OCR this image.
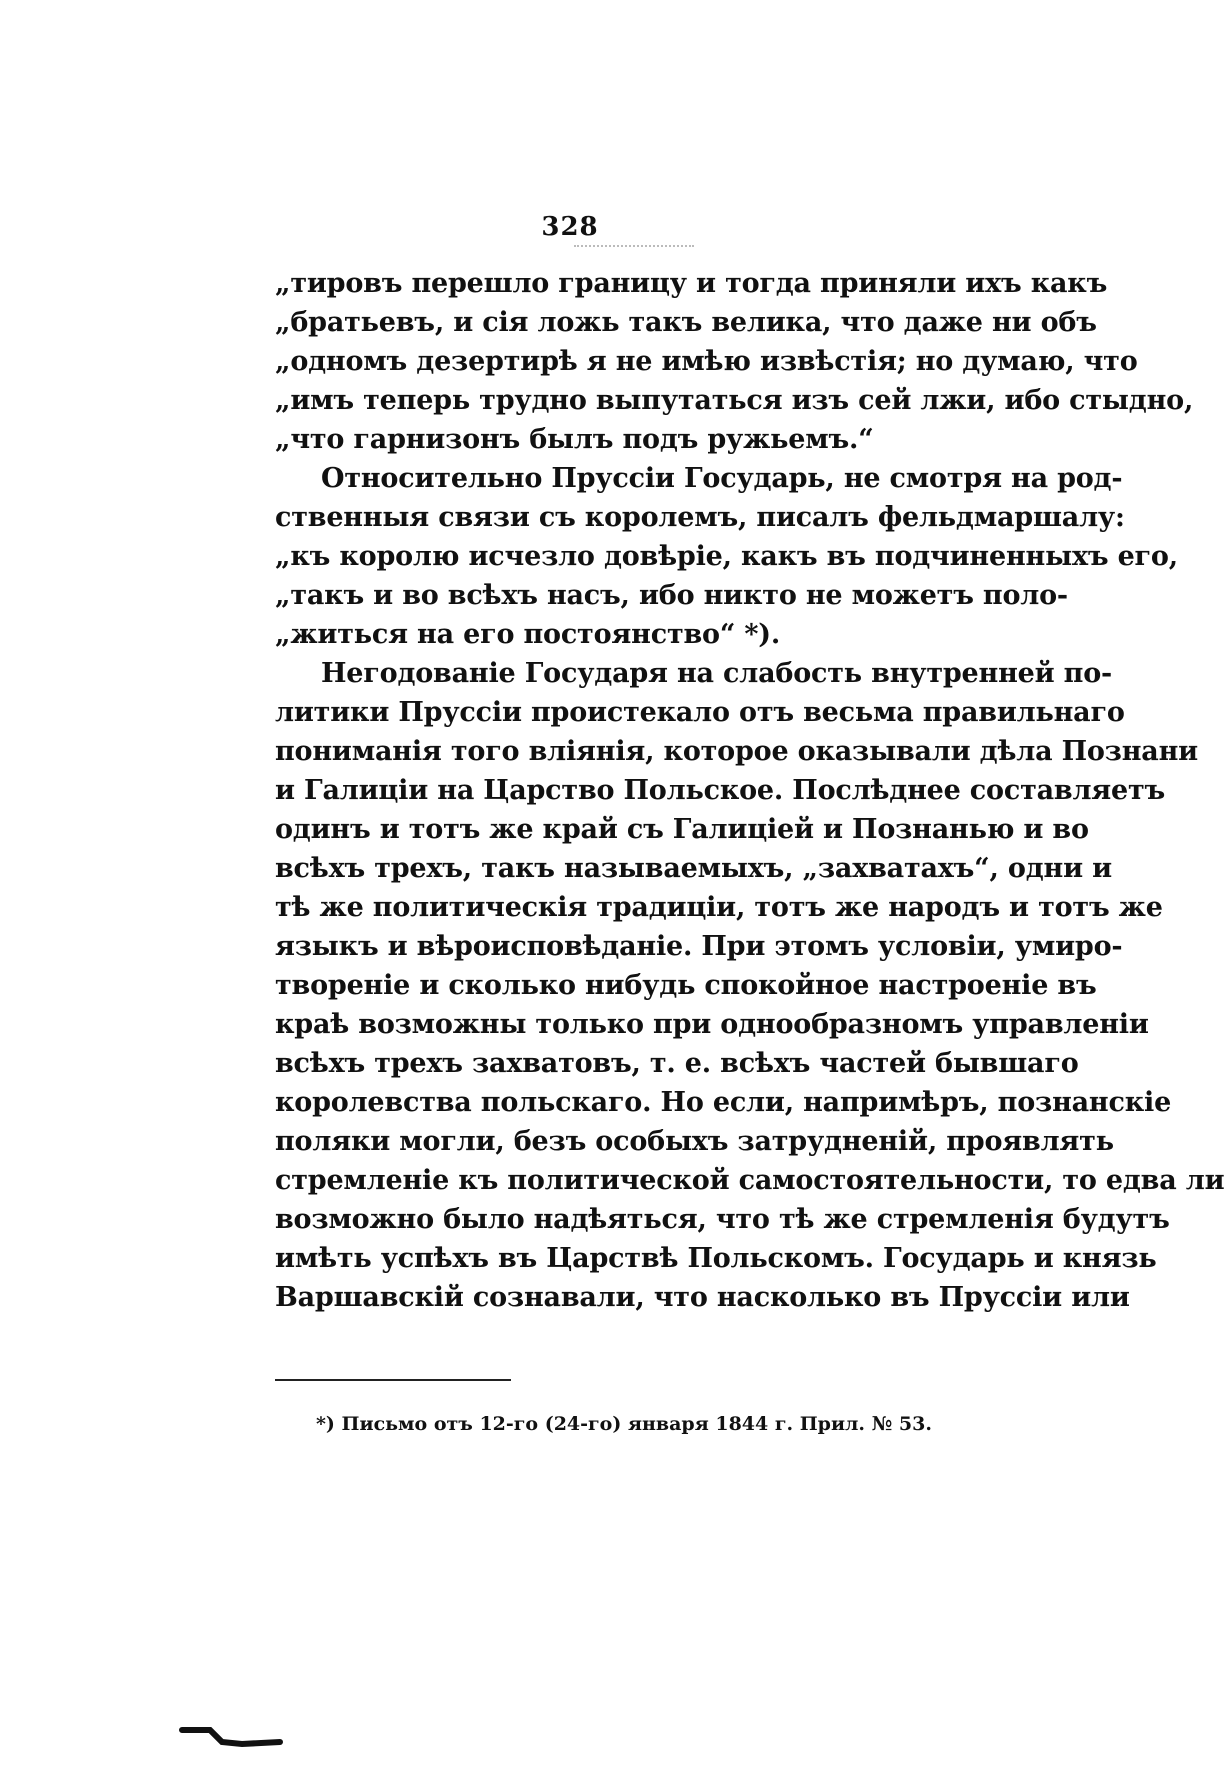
328
„тировъ перешло границу и тогда приняли ихъ какъ
„братьевъ, и сія ложь такъ велика, что даже ни объ
„одномъ дезертирѣ я не имѣю извѣстія; но думаю, что
„имъ теперь трудно выпутаться изъ сей лжи, ибо стыдно,
„что гарнизонъ былъ подъ ружьемъ.“
Относительно Пруссіи Государь, не смотря на род-
ственныя связи съ королемъ, писалъ фельдмаршалу:
„къ королю исчезло довѣріе, какъ въ подчиненныхъ его,
„такъ и во всѣхъ насъ, ибо никто не можетъ поло-
„житься на его постоянство“ *).
Негодованіе Государя на слабость внутренней по-
литики Пруссіи проистекало отъ весьма правильнаго
пониманія того вліянія, которое оказывали дѣла Познани
и Галиціи на Царство Польское. Послѣднее составляетъ
одинъ и тотъ же край съ Галиціей и Познанью и во
всѣхъ трехъ, такъ называемыхъ, „захватахъ“, одни и
тѣ же политическія традиціи, тотъ же народъ и тотъ же
языкъ и вѣроисповѣданіе. При этомъ условіи, умиро-
твореніе и сколько нибудь спокойное настроеніе въ
краѣ возможны только при однообразномъ управленіи
всѣхъ трехъ захватовъ, т. е. всѣхъ частей бывшаго
королевства польскаго. Но если, напримѣръ, познанскіе
поляки могли, безъ особыхъ затрудненій, проявлять
стремленіе къ политической самостоятельности, то едва ли
возможно было надѣяться, что тѣ же стремленія будутъ
имѣть успѣхъ въ Царствѣ Польскомъ. Государь и князь
Варшавскій сознавали, что насколько въ Пруссіи или
*) Письмо отъ 12-го (24-го) января 1844 г. Прил. № 53.
